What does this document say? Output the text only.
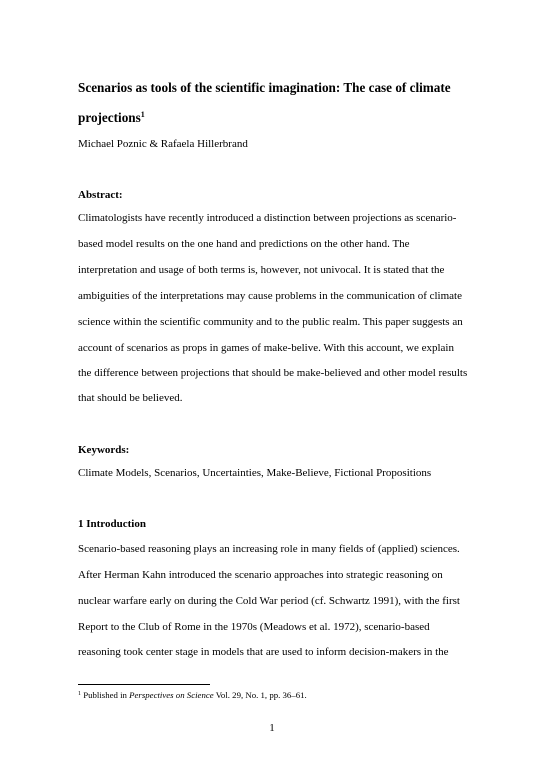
Scenarios as tools of the scientific imagination: The case of climate
projections$^1$

Michael Poznic & Rafaela Hillerbrand

Abstract:

Climatologists have recently introduced a distinction between projections as scenario-

based model results on the one hand and predictions on the other hand. The

interpretation and usage of both terms is, however, not univocal. It is stated that the

ambiguities of the interpretations may cause problems in the communication of climate

science within the scientific community and to the public realm. This paper suggests an

account of scenarios as props in games of make-belive. With this account, we explain

the difference between projections that should be make-believed and other model results

that should be believed.

Keywords:

Climate Models, Scenarios, Uncertainties, Make-Believe, Fictional Propositions

1 Introduction

Scenario-based reasoning plays an increasing role in many fields of (applied) sciences.

After Herman Kahn introduced the scenario approaches into strategic reasoning on

nuclear warfare early on during the Cold War period (cf. Schwartz 1991), with the first

Report to the Club of Rome in the 1970s (Meadows et al. 1972), scenario-based

reasoning took center stage in models that are used to inform decision-makers in the

$^1$ Published in Perspectives on Science Vol. 29, No. 1, pp. 36–61.

1
